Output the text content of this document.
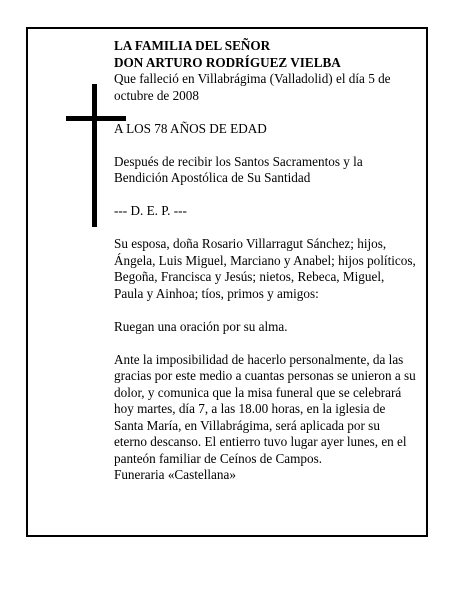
LA FAMILIA DEL SEÑOR

DON ARTURO RODRÍGUEZ VIELBA

Que falleció en Villabrágima (Valladolid) el día 5 de octubre de 2008

A LOS 78 AÑOS DE EDAD

Después de recibir los Santos Sacramentos y la Bendición Apostólica de Su Santidad

--- D. E. P. ---

Su esposa, doña Rosario Villarragut Sánchez; hijos, Ángela, Luis Miguel, Marciano y Anabel; hijos políticos, Begoña, Francisca y Jesús; nietos, Rebeca, Miguel, Paula y Ainhoa; tíos, primos y amigos:

Ruegan una oración por su alma.

Ante la imposibilidad de hacerlo personalmente, da las gracias por este medio a cuantas personas se unieron a su dolor, y comunica que la misa funeral que se celebrará hoy martes, día 7, a las 18.00 horas, en la iglesia de Santa María, en Villabrágima, será aplicada por su eterno descanso. El entierro tuvo lugar ayer lunes, en el panteón familiar de Ceínos de Campos.

Funeraria «Castellana»
